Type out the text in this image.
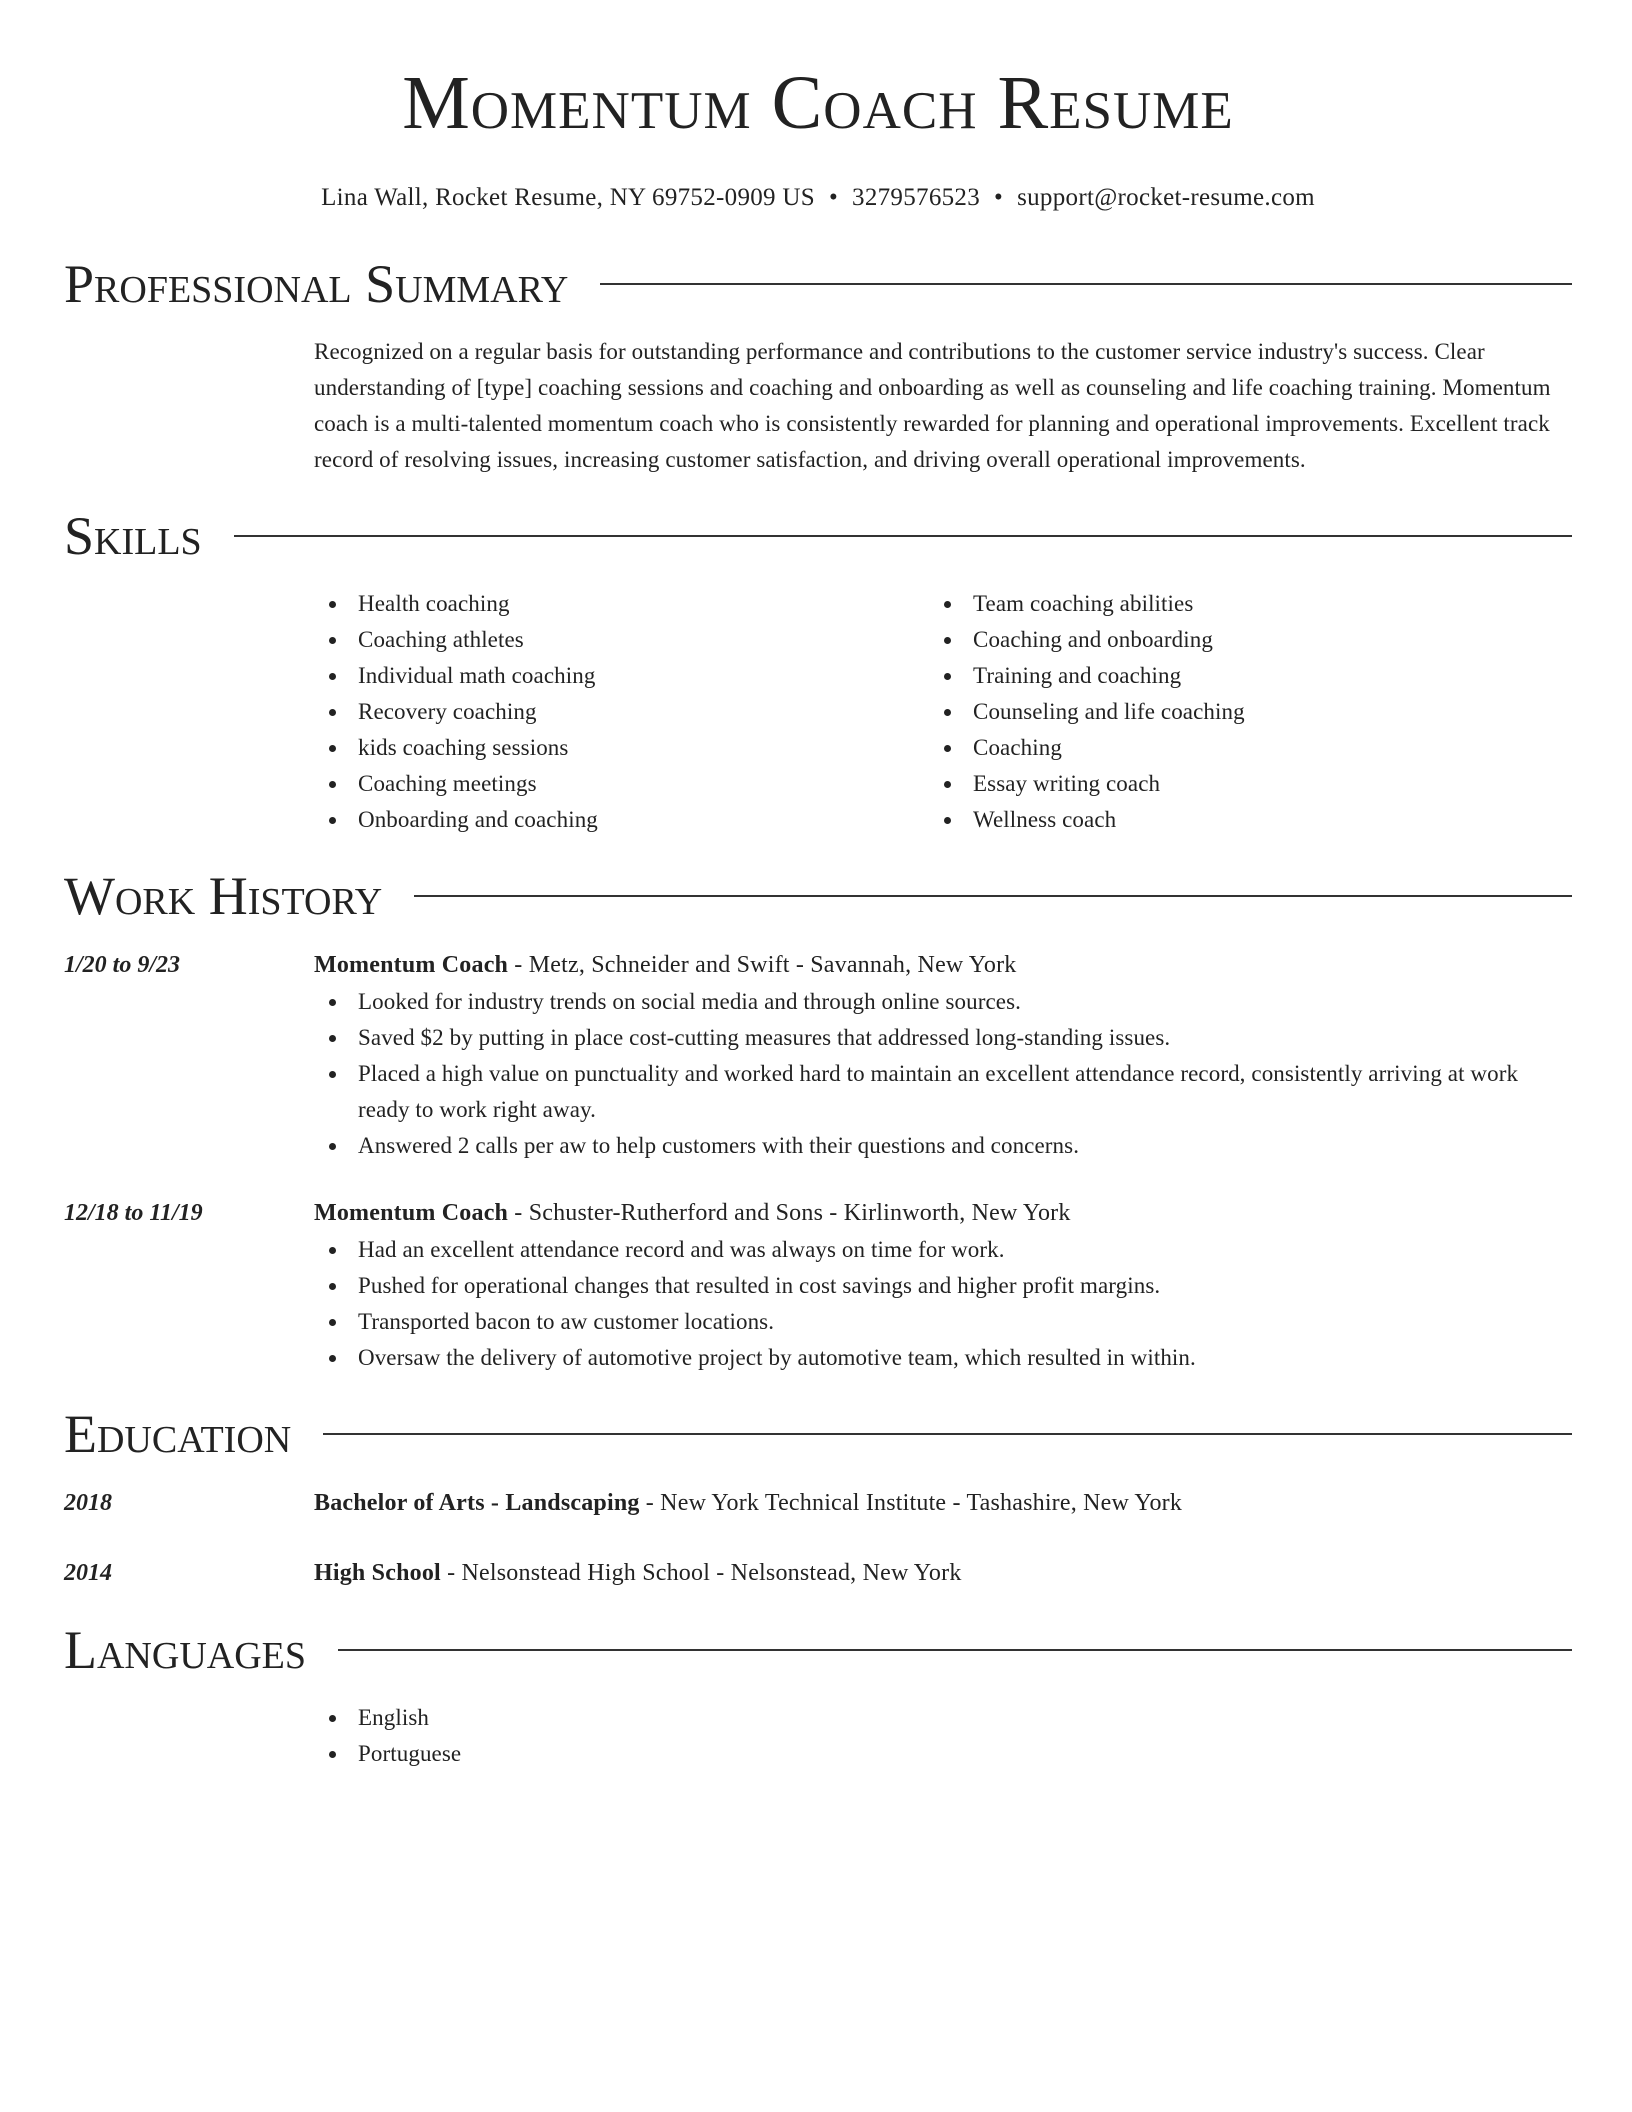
Momentum Coach Resume
Lina Wall, Rocket Resume, NY 69752-0909 US • 3279576523 • support@rocket-resume.com
Professional Summary

Recognized on a regular basis for outstanding performance and contributions to the customer service industry's success. Clear understanding of [type] coaching sessions and coaching and onboarding as well as counseling and life coaching training. Momentum coach is a multi-talented momentum coach who is consistently rewarded for planning and operational improvements. Excellent track record of resolving issues, increasing customer satisfaction, and driving overall operational improvements.

Skills
Health coaching
Coaching athletes
Individual math coaching
Recovery coaching
kids coaching sessions
Coaching meetings
Onboarding and coaching
Team coaching abilities
Coaching and onboarding
Training and coaching
Counseling and life coaching
Coaching
Essay writing coach
Wellness coach
Work History
1/20 to 9/23	Momentum Coach - Metz, Schneider and Swift - Savannah, New York
Looked for industry trends on social media and through online sources.
Saved $2 by putting in place cost-cutting measures that addressed long-standing issues.
Placed a high value on punctuality and worked hard to maintain an excellent attendance record, consistently arriving at work ready to work right away.
Answered 2 calls per aw to help customers with their questions and concerns.
12/18 to 11/19	Momentum Coach - Schuster-Rutherford and Sons - Kirlinworth, New York
Had an excellent attendance record and was always on time for work.
Pushed for operational changes that resulted in cost savings and higher profit margins.
Transported bacon to aw customer locations.
Oversaw the delivery of automotive project by automotive team, which resulted in within.
Education
2018	Bachelor of Arts - Landscaping - New York Technical Institute - Tashashire, New York
2014	High School - Nelsonstead High School - Nelsonstead, New York
Languages
English
Portuguese
